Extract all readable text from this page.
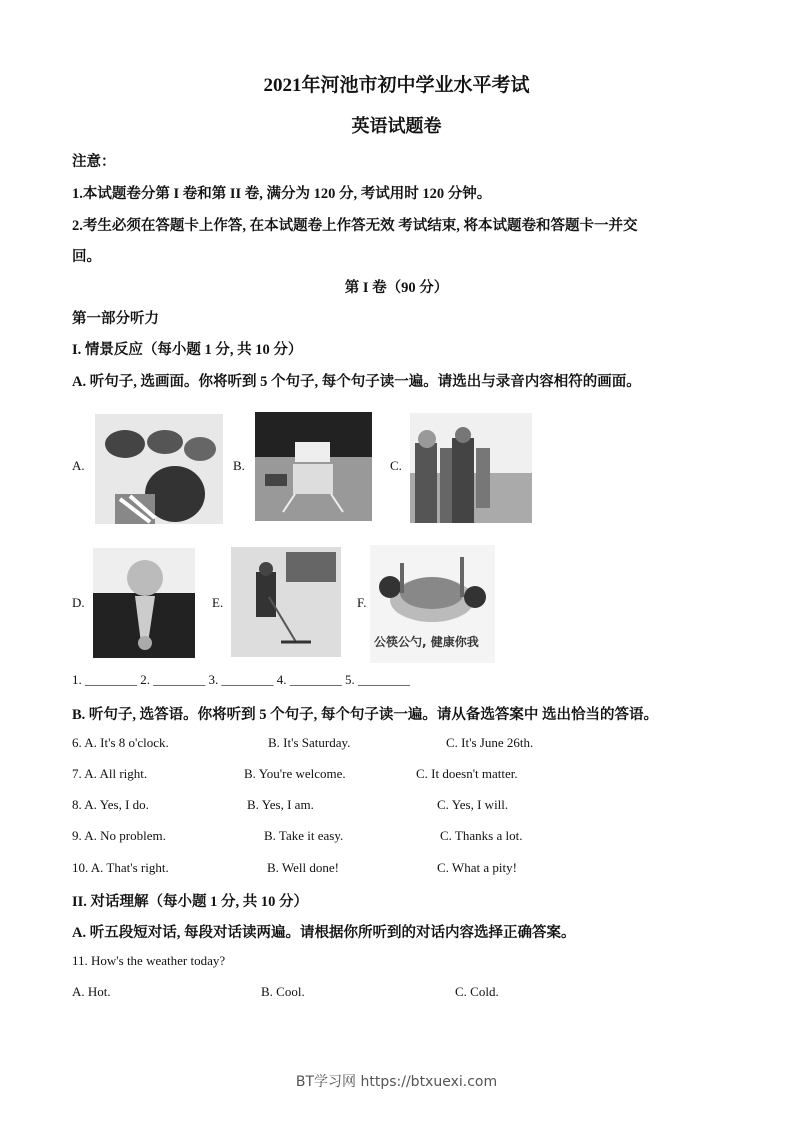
2021年河池市初中学业水平考试
英语试题卷
注意：
1.本试题卷分第 I 卷和第 II 卷, 满分为 120 分, 考试用时 120 分钟。
2.考生必须在答题卡上作答, 在本试题卷上作答无效 考试结束, 将本试题卷和答题卡一并交
回。
第 I 卷（90 分）
第一部分听力
I. 情景反应（每小题 1 分, 共 10 分）
A. 听句子, 选画面。你将听到 5 个句子, 每个句子读一遍。请选出与录音内容相符的画面。
A.	B.	C.
D.	E.	F.
公筷公勺, 健康你我
1. ________ 2. ________ 3. ________ 4. ________ 5. ________
B. 听句子, 选答语。你将听到 5 个句子, 每个句子读一遍。请从备选答案中 选出恰当的答语。
6. A. It's 8 o'clock.	B. It's Saturday.	C. It's June 26th.
7. A. All right.	B. You're welcome.	C. It doesn't matter.
8. A. Yes, I do.	B. Yes, I am.	C. Yes, I will.
9. A. No problem.	B. Take it easy.	C. Thanks a lot.
10. A. That's right.	B. Well done!	C. What a pity!
II. 对话理解（每小题 1 分, 共 10 分）
A. 听五段短对话, 每段对话读两遍。请根据你所听到的对话内容选择正确答案。
11. How's the weather today?
A. Hot.	B. Cool.	C. Cold.
BT学习网 https://btxuexi.com
